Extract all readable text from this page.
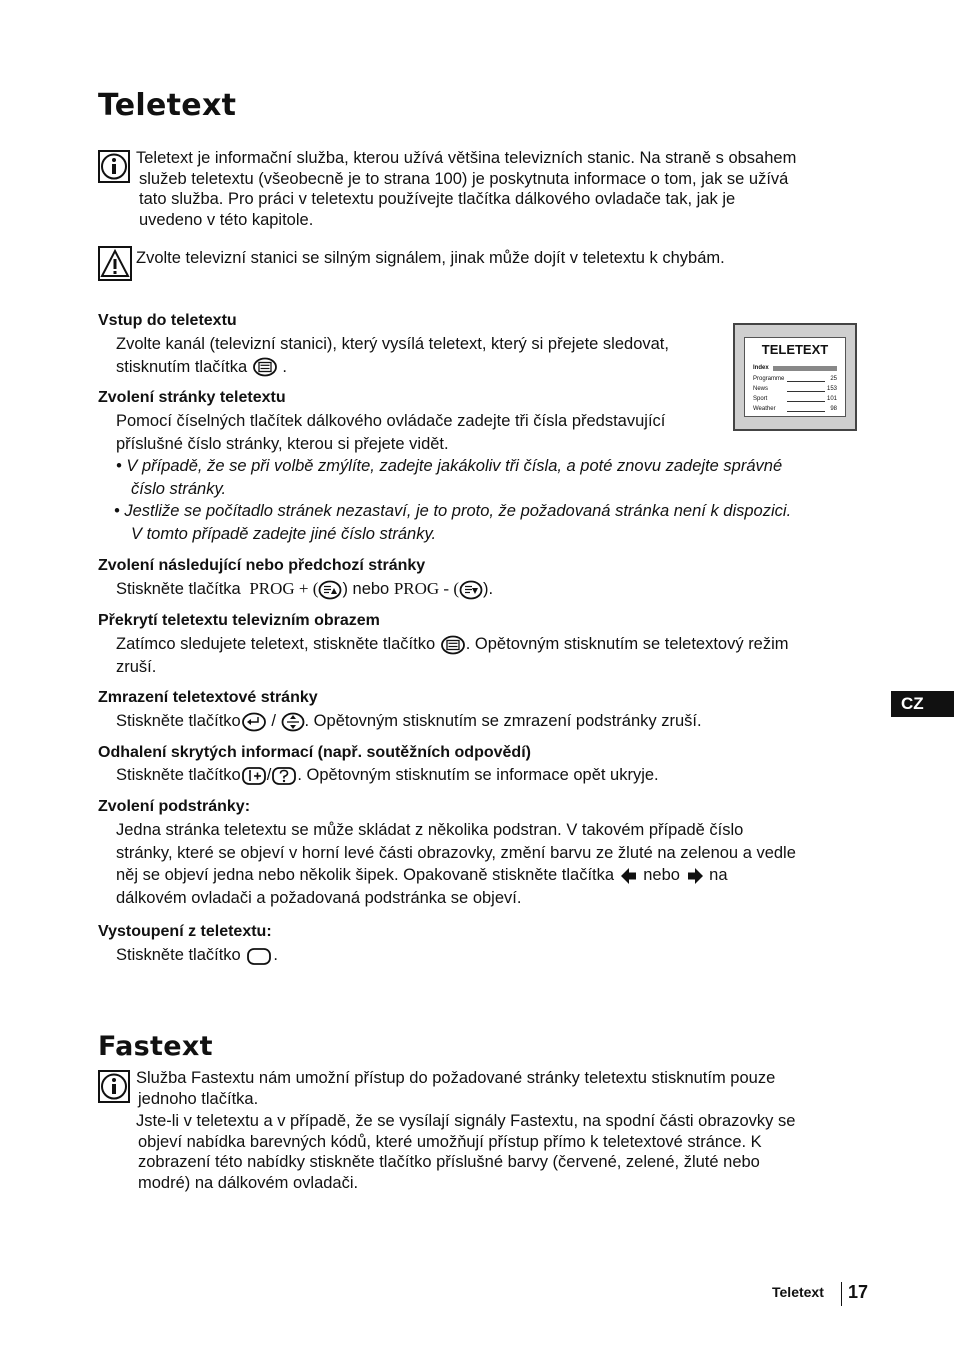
Teletext
Teletext je informační služba, kterou užívá většina televizních stanic. Na straně s obsahem
služeb teletextu (všeobecně je to strana 100) je poskytnuta informace o tom, jak se užívá
tato služba. Pro práci v teletextu používejte tlačítka dálkového ovladače tak, jak je
uvedeno v této kapitole.
Zvolte televizní stanici se silným signálem, jinak může dojít v teletextu k chybám.
TELETEXT
Index
Programme	25
News	153
Sport	101
Weather	98
Vstup do teletextu
Zvolte kanál (televizní stanici), který vysílá teletext, který si přejete sledovat,
stisknutím tlačítka .
Zvolení stránky teletextu
Pomocí číselných tlačítek dálkového ovládače zadejte tři čísla představující
příslušné číslo stránky, kterou si přejete vidět.
• V případě, že se při volbě zmýlíte, zadejte jakákoliv tři čísla, a poté znovu zadejte správné
číslo stránky.
• Jestliže se počítadlo stránek nezastaví, je to proto, že požadovaná stránka není k dispozici.
V tomto případě zadejte jiné číslo stránky.
Zvolení následující nebo předchozí stránky
Stiskněte tlačítka PROG + ( ) nebo PROG - ( ).
Překrytí teletextu televizním obrazem
Zatímco sledujete teletext, stiskněte tlačítko . Opětovným stisknutím se teletextový režim
zruší.
Zmrazení teletextové stránky
Stiskněte tlačítko / . Opětovným stisknutím se zmrazení podstránky zruší.
Odhalení skrytých informací (např. soutěžních odpovědí)
Stiskněte tlačítko / . Opětovným stisknutím se informace opět ukryje.
Zvolení podstránky:
Jedna stránka teletextu se může skládat z několika podstran. V takovém případě číslo
stránky, které se objeví v horní levé části obrazovky, změní barvu ze žluté na zelenou a vedle
něj se objeví jedna nebo několik šipek. Opakovaně stiskněte tlačítka nebo na
dálkovém ovladači a požadovaná podstránka se objeví.
Vystoupení z teletextu:
Stiskněte tlačítko .
Fastext
Služba Fastextu nám umožní přístup do požadované stránky teletextu stisknutím pouze
jednoho tlačítka.
Jste-li v teletextu a v případě, že se vysílají signály Fastextu, na spodní části obrazovky se
objeví nabídka barevných kódů, které umožňují přístup přímo k teletextové stránce. K
zobrazení této nabídky stiskněte tlačítko příslušné barvy (červené, zelené, žluté nebo
modré) na dálkovém ovladači.
CZ
Teletext 17
